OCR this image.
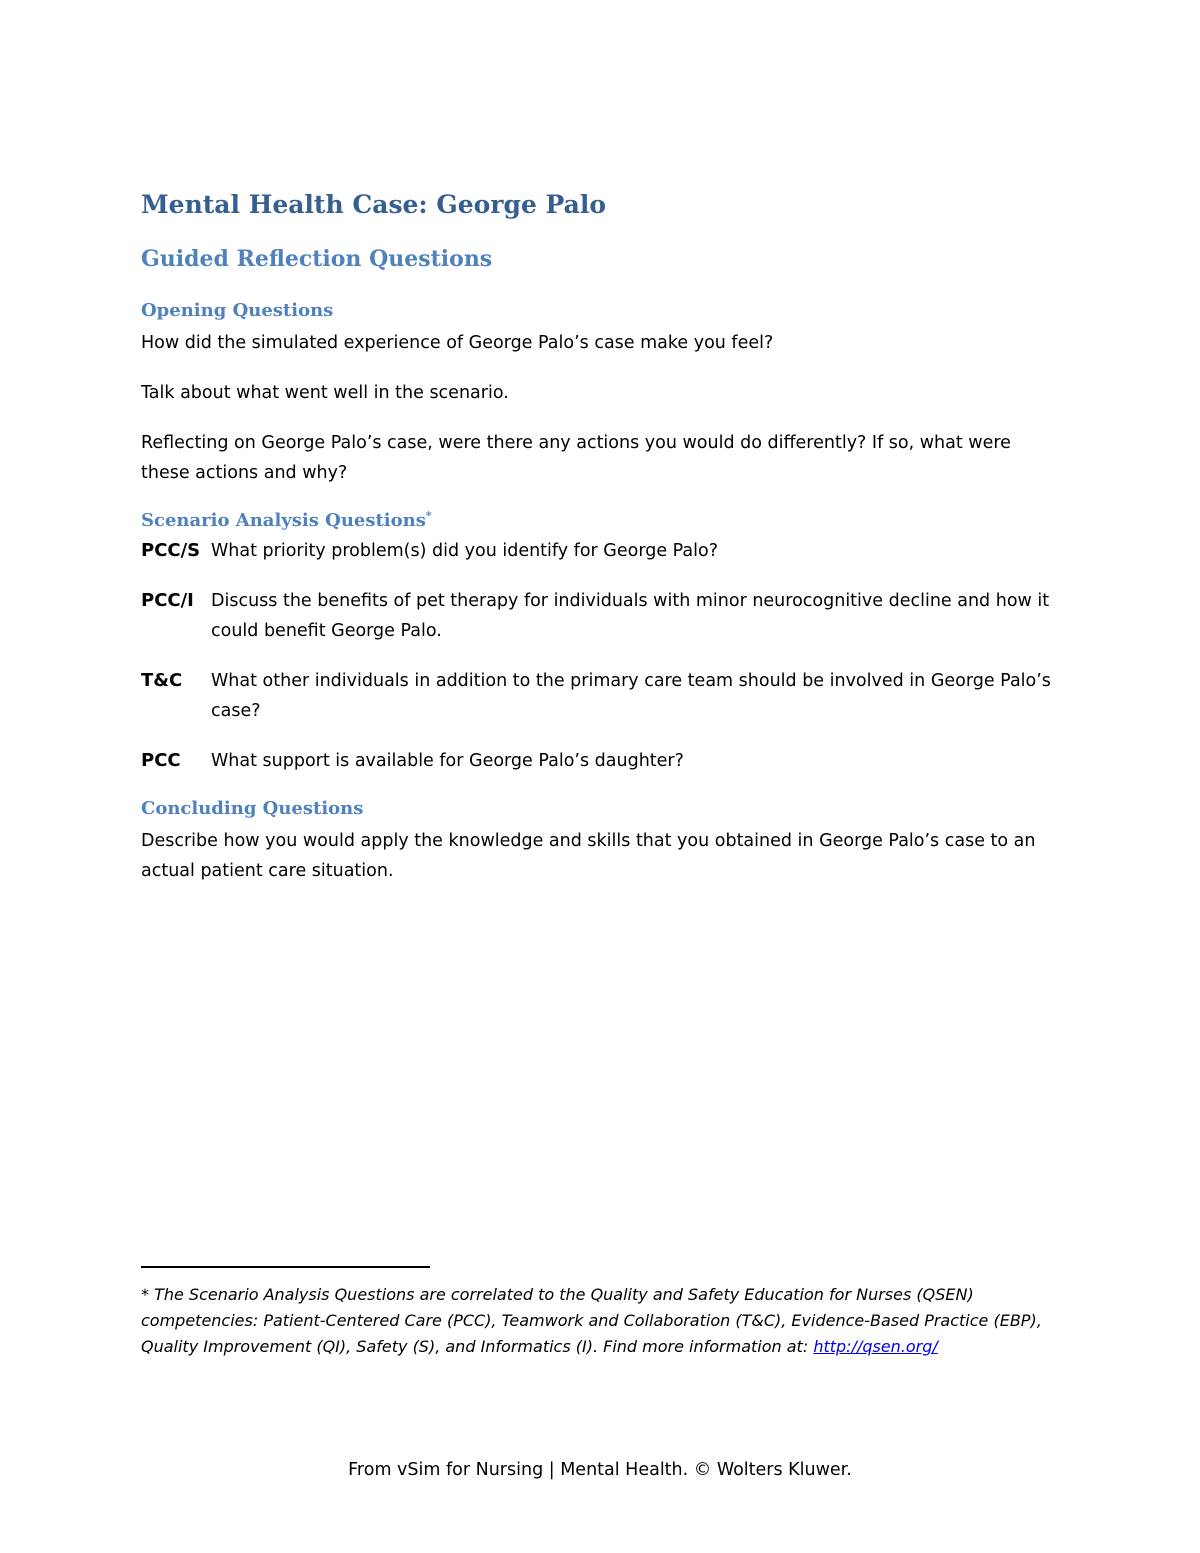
Mental Health Case: George Palo
Guided Reflection Questions
Opening Questions
How did the simulated experience of George Palo’s case make you feel?
Talk about what went well in the scenario.
Reflecting on George Palo’s case, were there any actions you would do differently? If so, what were these actions and why?
Scenario Analysis Questions*
PCC/S What priority problem(s) did you identify for George Palo?
PCC/I Discuss the benefits of pet therapy for individuals with minor neurocognitive decline and how it could benefit George Palo.
T&C What other individuals in addition to the primary care team should be involved in George Palo’s case?
PCC What support is available for George Palo’s daughter?
Concluding Questions
Describe how you would apply the knowledge and skills that you obtained in George Palo’s case to an actual patient care situation.
* The Scenario Analysis Questions are correlated to the Quality and Safety Education for Nurses (QSEN) competencies: Patient-Centered Care (PCC), Teamwork and Collaboration (T&C), Evidence-Based Practice (EBP), Quality Improvement (QI), Safety (S), and Informatics (I). Find more information at: http://qsen.org/
From vSim for Nursing | Mental Health. © Wolters Kluwer.
